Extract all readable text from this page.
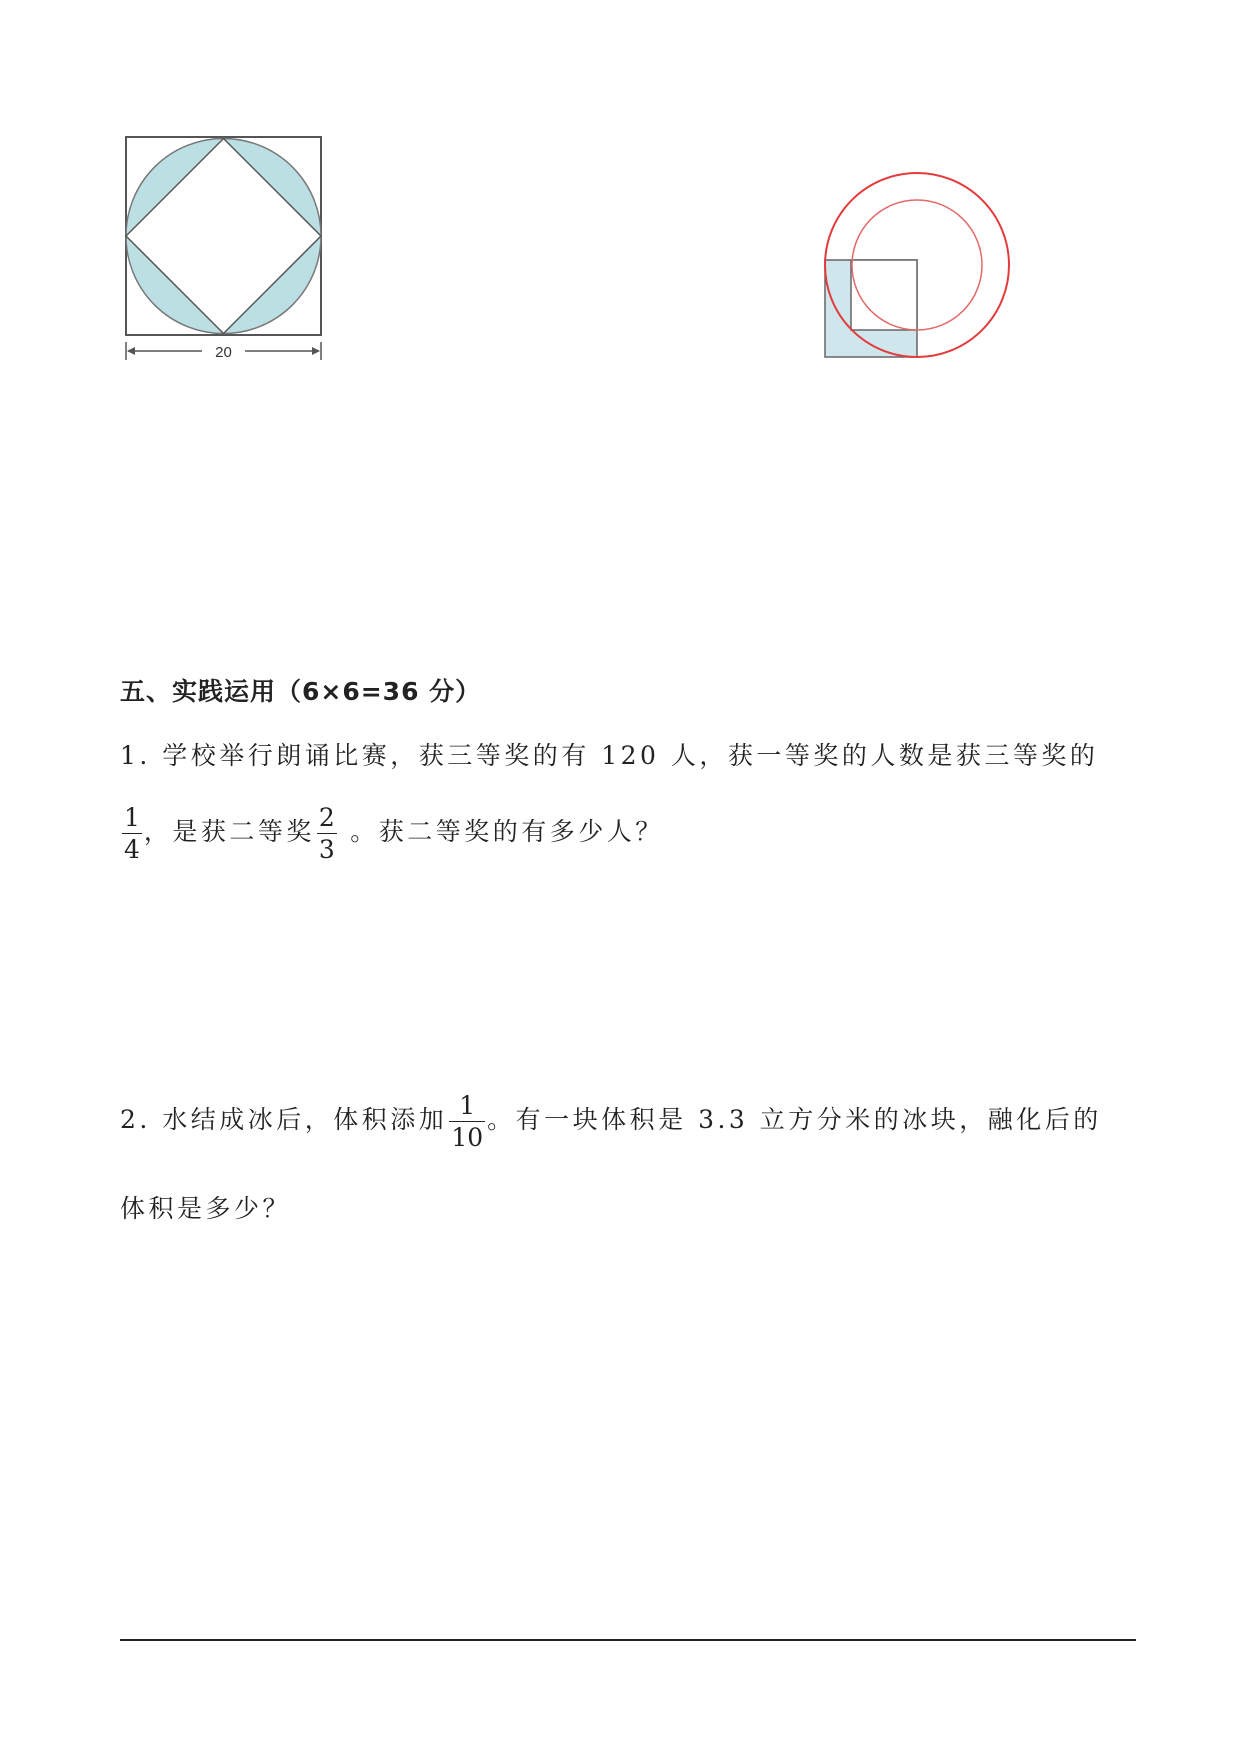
20
五、实践运用（6×6=36 分）
1. 学校举行朗诵比赛，获三等奖的有 120 人，获一等奖的人数是获三等奖的
$\frac{1}{4}$ ，是获二等奖 $\frac{2}{3}$ 。获二等奖的有多少人？
2. 水结成冰后，体积添加 $\frac{1}{10}$ 。有一块体积是 3.3 立方分米的冰块，融化后的
体积是多少？
